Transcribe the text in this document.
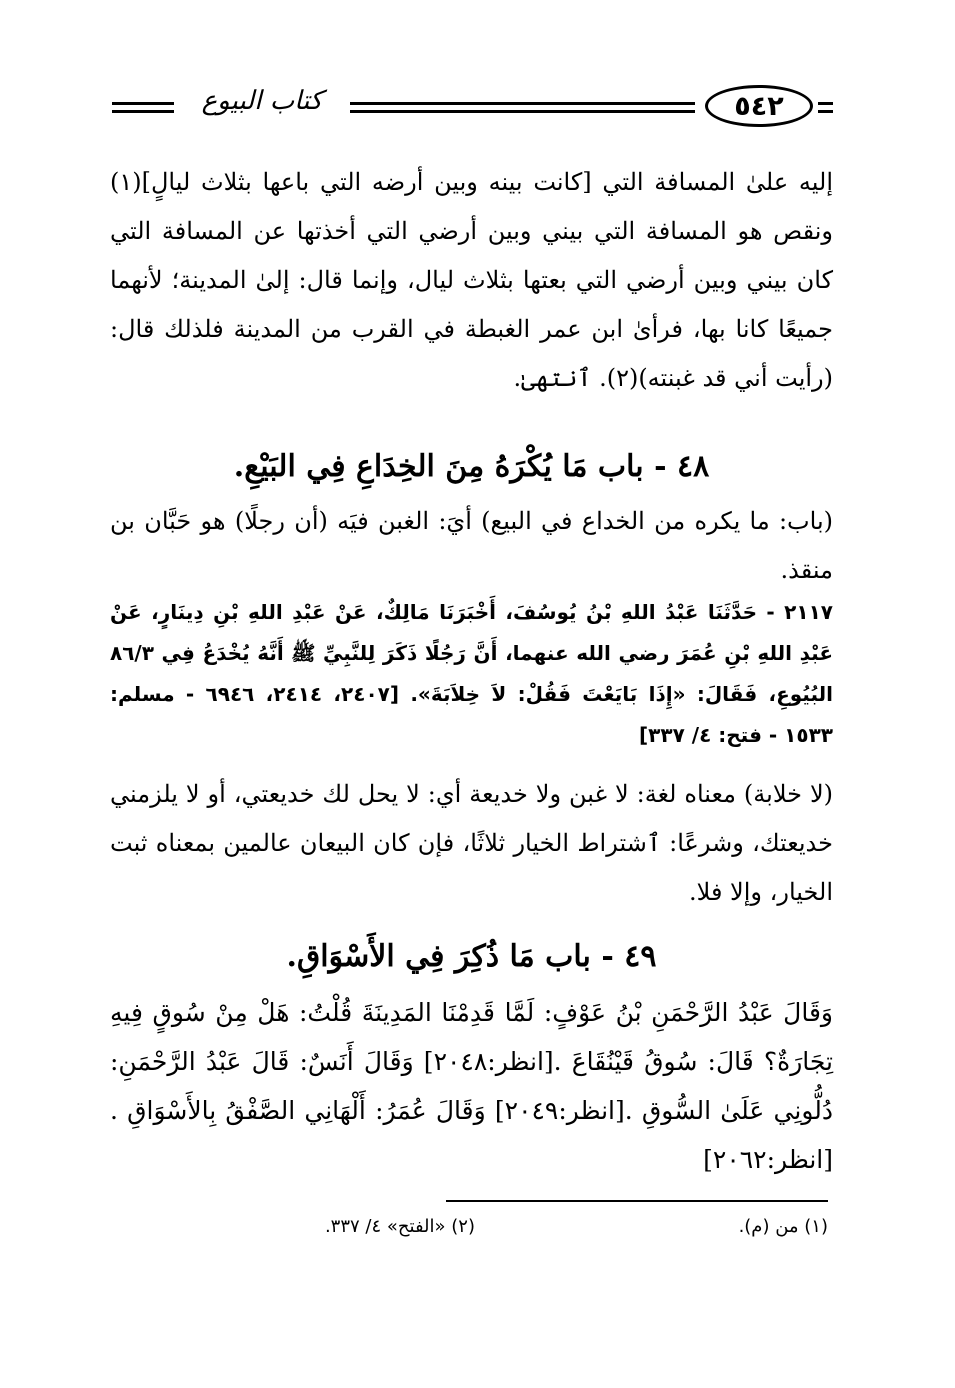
كتاب البيوع	٥٤٢

إليه علىٰ المسافة التي [كانت بينه وبين أرضه التي باعها بثلاث ليالٍ](١) ونقص هو المسافة التي بيني وبين أرضي التي أخذتها عن المسافة التي كان بيني وبين أرضي التي بعتها بثلاث ليال، وإنما قال: إلىٰ المدينة؛ لأنهما جميعًا كانا بها، فرأىٰ ابن عمر الغبطة في القرب من المدينة فلذلك قال: (رأيت أني قد غبنته)(٢). ٱنتهىٰ.

٤٨ - باب مَا يُكْرَهُ مِنَ الخِدَاعِ فِي البَيْعِ.

(باب: ما يكره من الخداع في البيع) أيَ: الغبن فيَه (أن رجلًا) هو حَبَّان بن منقذ.

٢١١٧ - حَدَّثَنَا عَبْدُ اللهِ بْنُ يُوسُفَ، أَخْبَرَنَا مَالِكٌ، عَنْ عَبْدِ اللهِ بْنِ دِينَارٍ، عَنْ عَبْدِ اللهِ بْنِ عُمَرَ رضي الله عنهما، أَنَّ رَجُلًا ذَكَرَ لِلنَّبِيِّ ﷺ أَنَّهُ يُخْدَعُ فِي ٨٦/٣ البُيُوعِ، فَقَالَ: «إِذَا بَايَعْتَ فَقُلْ: لاَ خِلاَبَةَ». [٢٤٠٧، ٢٤١٤، ٦٩٤٦ - مسلم: ١٥٣٣ - فتح: ٤/ ٣٣٧]

(لا خلابة) معناه لغة: لا غبن ولا خديعة أي: لا يحل لك خديعتي، أو لا يلزمني خديعتك، وشرعًا: ٱشتراط الخيار ثلاثًا، فإن كان البيعان عالمين بمعناه ثبت الخيار، وإلا فلا.

٤٩ - باب مَا ذُكِرَ فِي الأَسْوَاقِ.

وَقَالَ عَبْدُ الرَّحْمَنِ بْنُ عَوْفٍ: لَمَّا قَدِمْنَا المَدِينَةَ قُلْتُ: هَلْ مِنْ سُوقٍ فِيهِ تِجَارَةٌ؟ قَالَ: سُوقُ قَيْنُقَاعَ .[انظر:٢٠٤٨] وَقَالَ أَنَسٌ: قَالَ عَبْدُ الرَّحْمَنِ: دُلُّونِي عَلَىٰ السُّوقِ .[انظر:٢٠٤٩] وَقَالَ عُمَرُ: أَلْهَانِي الصَّفْقُ بِالأَسْوَاقِ .[انظر:٢٠٦٢]

(١) من (م).
(٢) «الفتح» ٤/ ٣٣٧.
